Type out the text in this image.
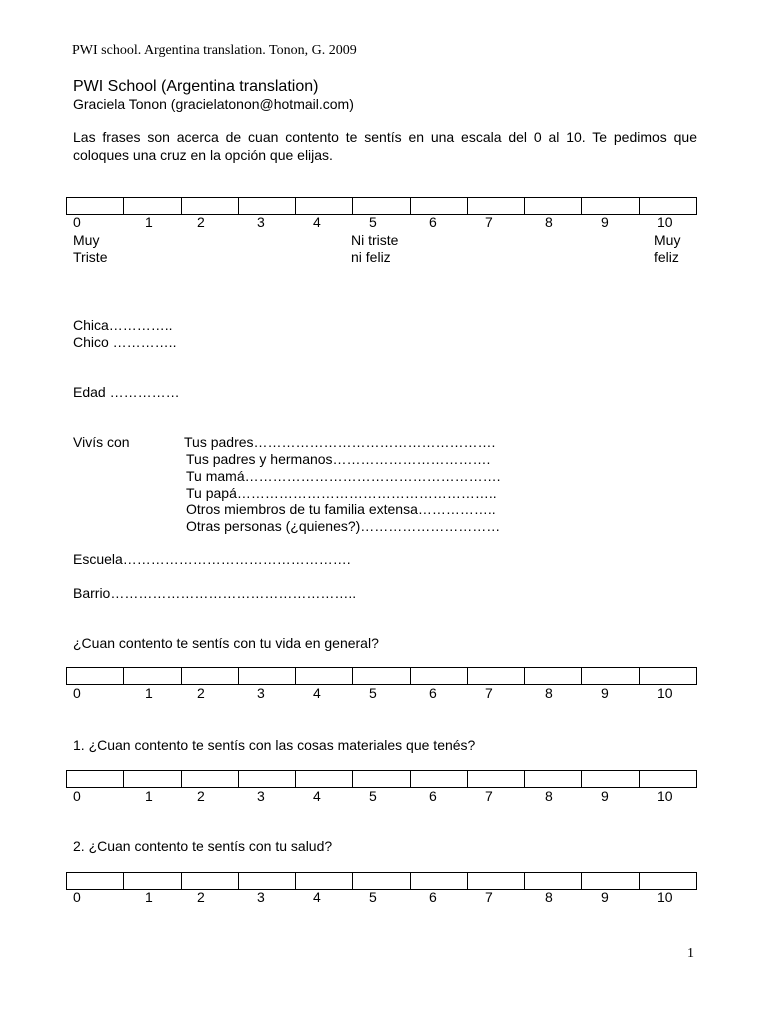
PWI school. Argentina translation. Tonon, G. 2009
PWI School (Argentina translation)
Graciela Tonon (gracielatonon@hotmail.com)
Las frases son acerca de cuan contento te sentís en una escala del 0 al 10. Te pedimos que coloques una cruz en la opción que elijas.
0	1	2	3	4	5	6	7	8	9	10
Muy
Triste
Ni triste
ni feliz
Muy
feliz
Chica…………..
Chico …………..
Edad ……………
Vivís con	Tus padres…………………………………………….
Tus padres y hermanos…………………………….
Tu mamá……………………………………………….
Tu papá………………………………………………..
Otros miembros de tu familia extensa……………..
Otras personas (¿quienes?)…………………………
Escuela………………………………………….
Barrio……………………………………………..
¿Cuan contento te sentís con tu vida en general?
0	1	2	3	4	5	6	7	8	9	10
1. ¿Cuan contento te sentís con las cosas materiales que tenés?
0	1	2	3	4	5	6	7	8	9	10
2. ¿Cuan contento te sentís con tu salud?
0	1	2	3	4	5	6	7	8	9	10
1
